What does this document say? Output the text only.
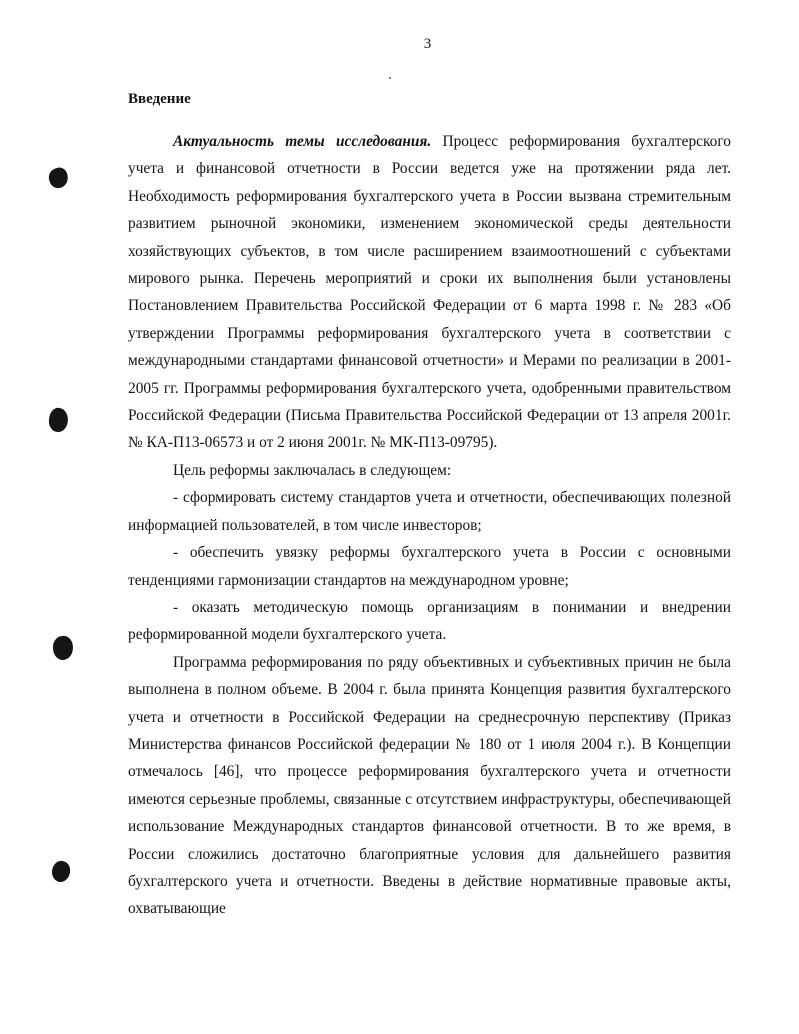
3
Введение

Актуальность темы исследования. Процесс реформирования бухгалтерского учета и финансовой отчетности в России ведется уже на протяжении ряда лет. Необходимость реформирования бухгалтерского учета в России вызвана стремительным развитием рыночной экономики, изменением экономической среды деятельности хозяйствующих субъектов, в том числе расширением взаимоотношений с субъектами мирового рынка. Перечень мероприятий и сроки их выполнения были установлены Постановлением Правительства Российской Федерации от 6 марта 1998 г. № 283 «Об утверждении Программы реформирования бухгалтерского учета в соответствии с международными стандартами финансовой отчетности» и Мерами по реализации в 2001-2005 гг. Программы реформирования бухгалтерского учета, одобренными правительством Российской Федерации (Письма Правительства Российской Федерации от 13 апреля 2001г. № КА-П13-06573 и от 2 июня 2001г. № МК-П13-09795).

Цель реформы заключалась в следующем:

- сформировать систему стандартов учета и отчетности, обеспечивающих полезной информацией пользователей, в том числе инвесторов;

- обеспечить увязку реформы бухгалтерского учета в России с основными тенденциями гармонизации стандартов на международном уровне;

- оказать методическую помощь организациям в понимании и внедрении реформированной модели бухгалтерского учета.

Программа реформирования по ряду объективных и субъективных причин не была выполнена в полном объеме. В 2004 г. была принята Концепция развития бухгалтерского учета и отчетности в Российской Федерации на среднесрочную перспективу (Приказ Министерства финансов Российской федерации № 180 от 1 июля 2004 г.). В Концепции отмечалось [46], что процессе реформирования бухгалтерского учета и отчетности имеются серьезные проблемы, связанные с отсутствием инфраструктуры, обеспечивающей использование Международных стандартов финансовой отчетности. В то же время, в России сложились достаточно благоприятные условия для дальнейшего развития бухгалтерского учета и отчетности. Введены в действие нормативные правовые акты, охватывающие
